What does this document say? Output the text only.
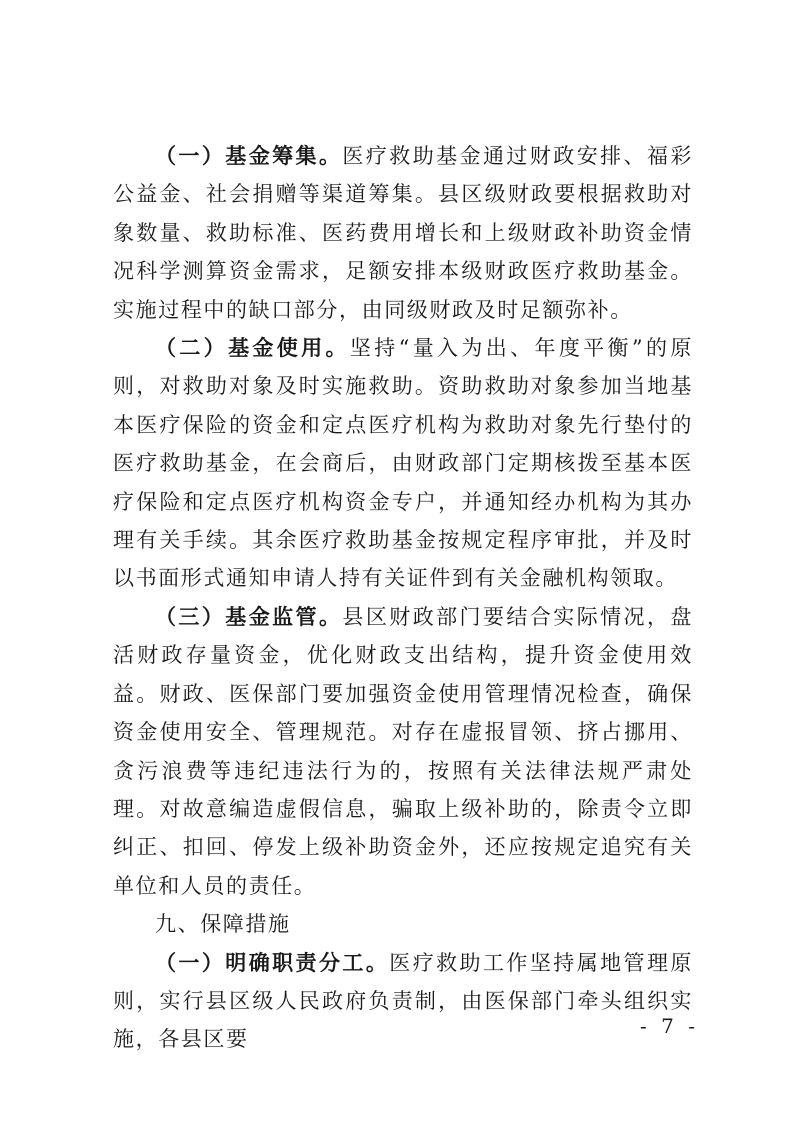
（一）基金筹集。医疗救助基金通过财政安排、福彩公益金、社会捐赠等渠道筹集。县区级财政要根据救助对象数量、救助标准、医药费用增长和上级财政补助资金情况科学测算资金需求，足额安排本级财政医疗救助基金。实施过程中的缺口部分，由同级财政及时足额弥补。

（二）基金使用。坚持“量入为出、年度平衡”的原则，对救助对象及时实施救助。资助救助对象参加当地基本医疗保险的资金和定点医疗机构为救助对象先行垫付的医疗救助基金，在会商后，由财政部门定期核拨至基本医疗保险和定点医疗机构资金专户，并通知经办机构为其办理有关手续。其余医疗救助基金按规定程序审批，并及时以书面形式通知申请人持有关证件到有关金融机构领取。

（三）基金监管。县区财政部门要结合实际情况，盘活财政存量资金，优化财政支出结构，提升资金使用效益。财政、医保部门要加强资金使用管理情况检查，确保资金使用安全、管理规范。对存在虚报冒领、挤占挪用、贪污浪费等违纪违法行为的，按照有关法律法规严肃处理。对故意编造虚假信息，骗取上级补助的，除责令立即纠正、扣回、停发上级补助资金外，还应按规定追究有关单位和人员的责任。

九、保障措施

（一）明确职责分工。医疗救助工作坚持属地管理原则，实行县区级人民政府负责制，由医保部门牵头组织实施，各县区要

- 7 -
